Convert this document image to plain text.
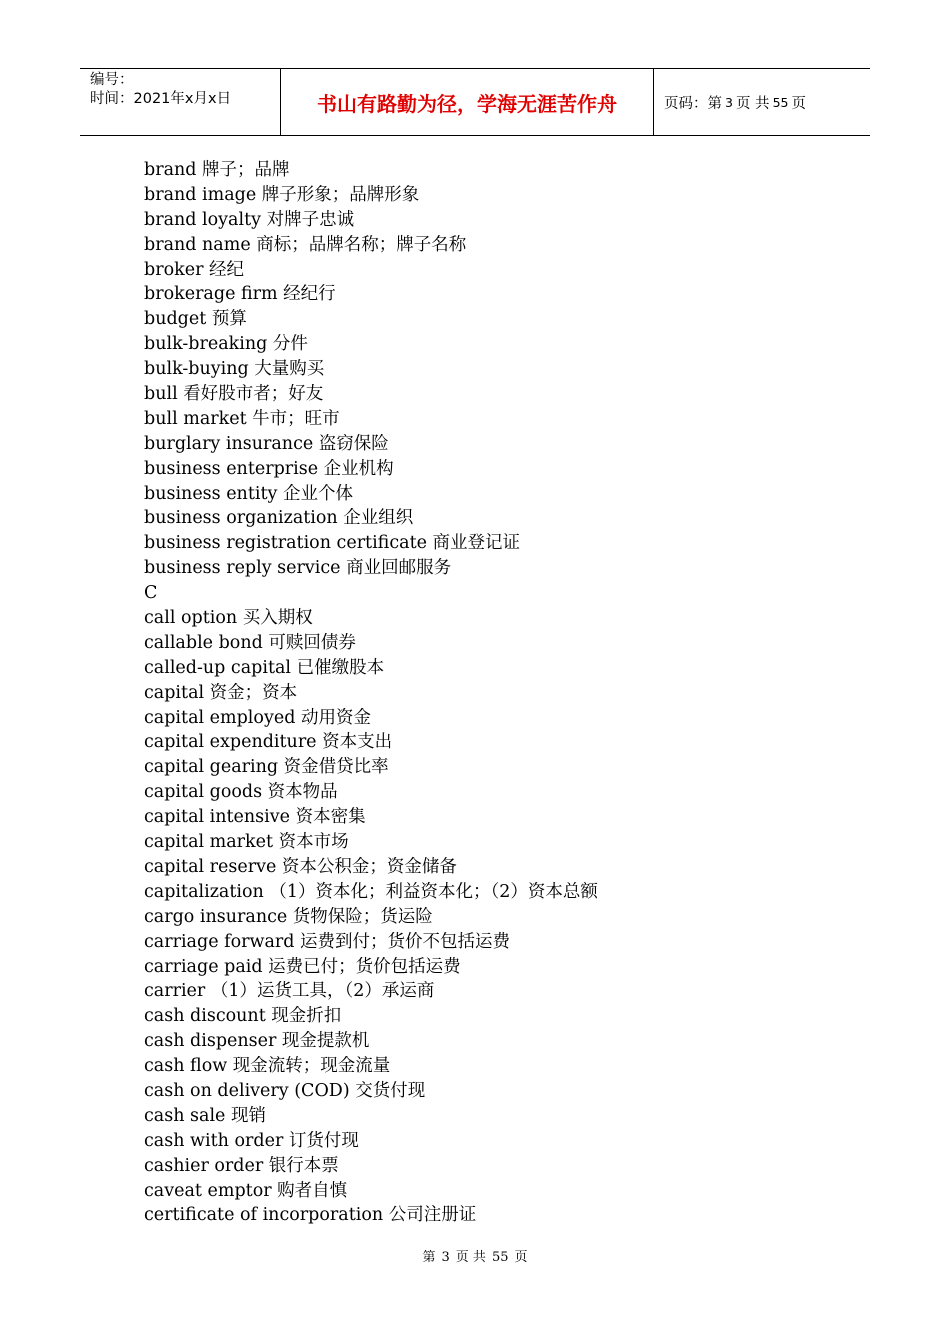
编号：
时间：2021年x月x日	书山有路勤为径，学海无涯苦作舟	页码：第 3 页 共 55 页
brand 牌子；品牌
brand image 牌子形象；品牌形象
brand loyalty 对牌子忠诚
brand name 商标；品牌名称；牌子名称
broker 经纪
brokerage firm 经纪行
budget 预算
bulk-breaking 分件
bulk-buying 大量购买
bull 看好股市者；好友
bull market 牛市；旺市
burglary insurance 盗窃保险
business enterprise 企业机构
business entity 企业个体
business organization 企业组织
business registration certificate 商业登记证
business reply service 商业回邮服务
C
call option 买入期权
callable bond 可赎回债券
called-up capital 已催缴股本
capital 资金；资本
capital employed 动用资金
capital expenditure 资本支出
capital gearing 资金借贷比率
capital goods 资本物品
capital intensive 资本密集
capital market 资本市场
capital reserve 资本公积金；资金储备
capitalization （1）资本化；利益资本化；（2）资本总额
cargo insurance 货物保险；货运险
carriage forward 运费到付；货价不包括运费
carriage paid 运费已付；货价包括运费
carrier （1）运货工具，（2）承运商
cash discount 现金折扣
cash dispenser 现金提款机
cash flow 现金流转；现金流量
cash on delivery (COD) 交货付现
cash sale 现销
cash with order 订货付现
cashier order 银行本票
caveat emptor 购者自慎
certificate of incorporation 公司注册证
第 3 页 共 55 页
